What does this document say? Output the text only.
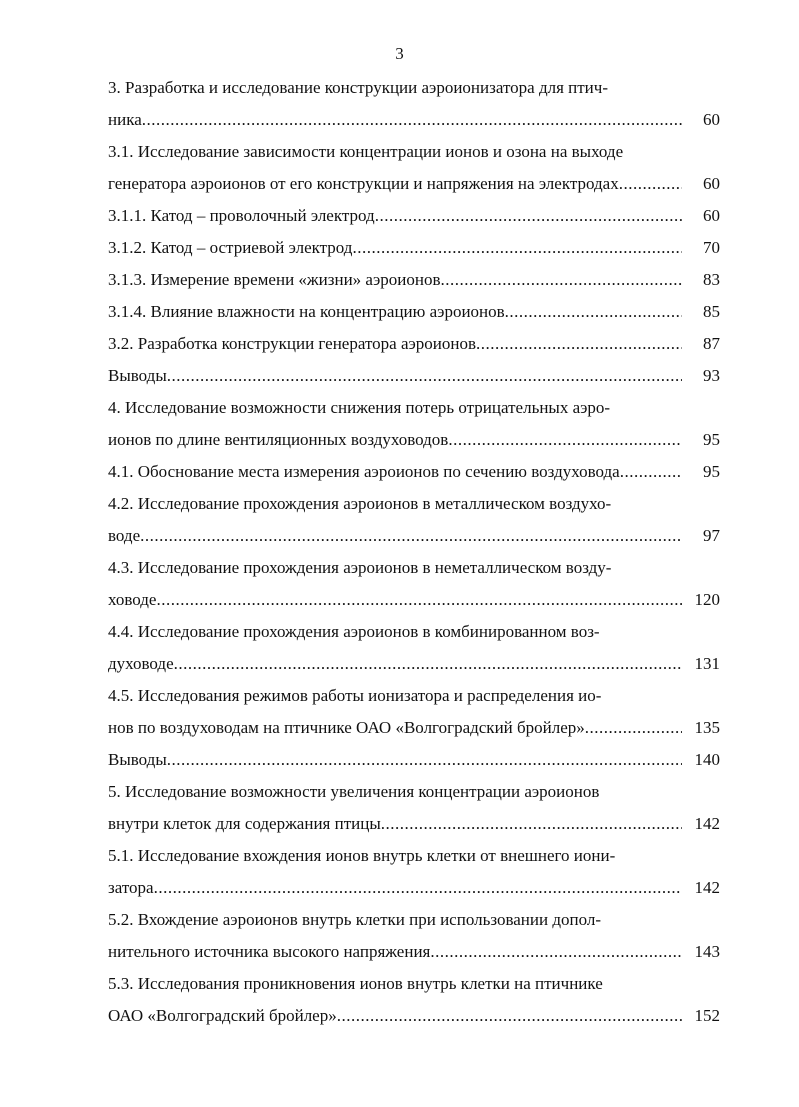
3
3. Разработка и исследование конструкции аэроионизатора для птич-
ника .....	60
3.1. Исследование зависимости концентрации ионов и озона на выходе
генератора аэроионов от его конструкции и напряжения на электродах .....	60
3.1.1. Катод – проволочный электрод .....	60
3.1.2. Катод – остриевой электрод .....	70
3.1.3. Измерение времени «жизни» аэроионов .....	83
3.1.4. Влияние влажности на концентрацию аэроионов .....	85
3.2. Разработка конструкции генератора аэроионов .....	87
Выводы .....	93
4. Исследование возможности снижения потерь отрицательных аэро-
ионов по длине вентиляционных воздуховодов .....	95
4.1. Обоснование места измерения аэроионов по сечению воздуховода .....	95
4.2. Исследование прохождения аэроионов в металлическом воздухо-
воде .....	97
4.3. Исследование прохождения аэроионов в неметаллическом возду-
ховоде .....	120
4.4. Исследование прохождения аэроионов в комбинированном воз-
духоводе .....	131
4.5. Исследования режимов работы ионизатора и распределения ио-
нов по воздуховодам на птичнике ОАО «Волгоградский бройлер» .....	135
Выводы .....	140
5. Исследование возможности увеличения концентрации аэроионов
внутри клеток для содержания птицы .....	142
5.1. Исследование вхождения ионов внутрь клетки от внешнего иони-
затора .....	142
5.2. Вхождение аэроионов внутрь клетки при использовании допол-
нительного источника высокого напряжения .....	143
5.3. Исследования проникновения ионов внутрь клетки на птичнике
ОАО «Волгоградский бройлер» .....	152
